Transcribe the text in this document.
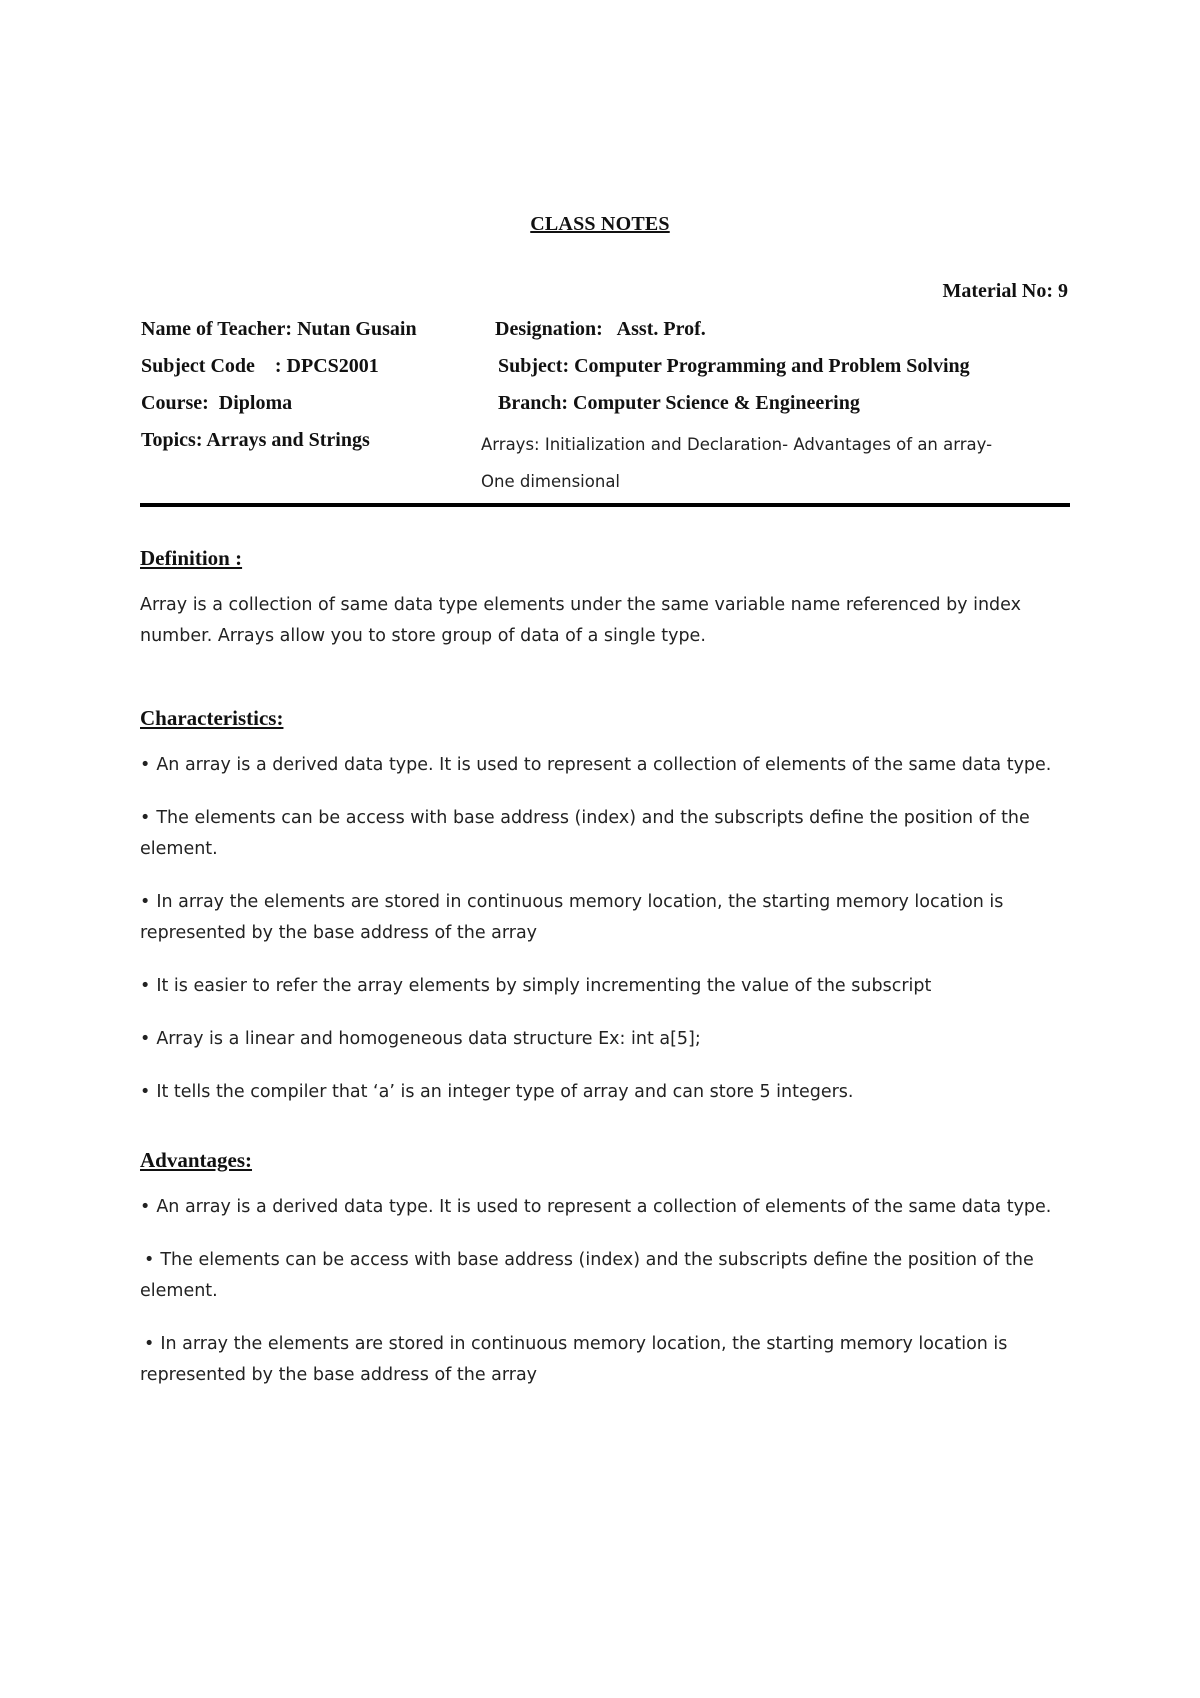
CLASS NOTES
Material No: 9
Name of Teacher: Nutan Gusain	Designation:   Asst. Prof.
Subject Code    : DPCS2001	Subject: Computer Programming and Problem Solving
Course:  Diploma	Branch: Computer Science & Engineering
Topics: Arrays and Strings	Arrays: Initialization and Declaration- Advantages of an array-
One dimensional
Definition :

Array is a collection of same data type elements under the same variable name referenced by index number. Arrays allow you to store group of data of a single type.

Characteristics:
• An array is a derived data type. It is used to represent a collection of elements of the same data type.
• The elements can be access with base address (index) and the subscripts define the position of the element.
• In array the elements are stored in continuous memory location, the starting memory location is represented by the base address of the array
• It is easier to refer the array elements by simply incrementing the value of the subscript
• Array is a linear and homogeneous data structure Ex: int a[5];
• It tells the compiler that ‘a’ is an integer type of array and can store 5 integers.
Advantages:
• An array is a derived data type. It is used to represent a collection of elements of the same data type.
• The elements can be access with base address (index) and the subscripts define the position of the element.
• In array the elements are stored in continuous memory location, the starting memory location is represented by the base address of the array
